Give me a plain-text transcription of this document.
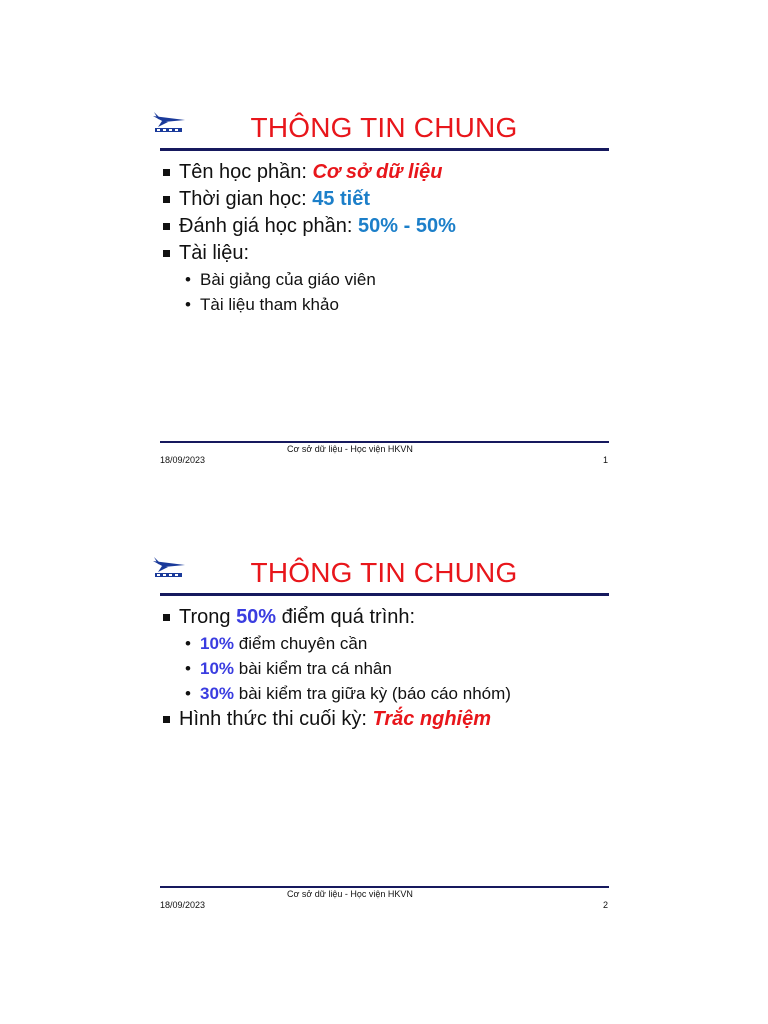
THÔNG TIN CHUNG
Tên học phần: Cơ sở dữ liệu
Thời gian học: 45 tiết
Đánh giá học phần: 50% - 50%
Tài liệu:
• Bài giảng của giáo viên
• Tài liệu tham khảo
Cơ sở dữ liệu - Học viện HKVN
18/09/2023	1
THÔNG TIN CHUNG
Trong 50% điểm quá trình:
• 10% điểm chuyên cần
• 10% bài kiểm tra cá nhân
• 30% bài kiểm tra giữa kỳ (báo cáo nhóm)
Hình thức thi cuối kỳ: Trắc nghiệm
Cơ sở dữ liệu - Học viện HKVN
18/09/2023	2
